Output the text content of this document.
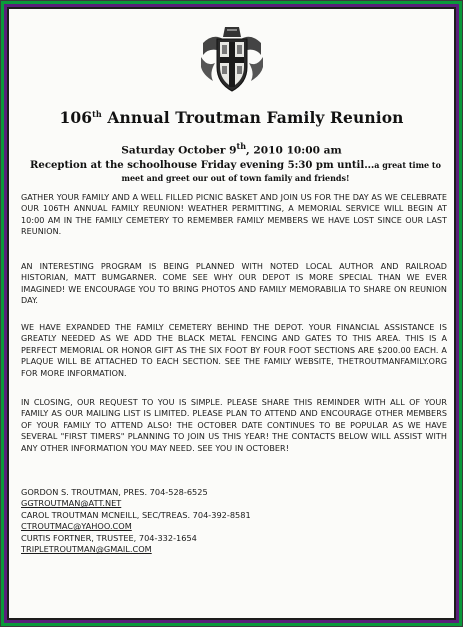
106th Annual Troutman Family Reunion
Saturday October 9th, 2010 10:00 am
Reception at the schoolhouse Friday evening 5:30 pm until…a great time to meet and greet our out of town family and friends!
GATHER YOUR FAMILY AND A WELL FILLED PICNIC BASKET AND JOIN US FOR THE DAY AS WE CELEBRATE OUR 106TH ANNUAL FAMILY REUNION! WEATHER PERMITTING, A MEMORIAL SERVICE WILL BEGIN AT 10:00 AM IN THE FAMILY CEMETERY TO REMEMBER FAMILY MEMBERS WE HAVE LOST SINCE OUR LAST REUNION.
AN INTERESTING PROGRAM IS BEING PLANNED WITH NOTED LOCAL AUTHOR AND RAILROAD HISTORIAN, MATT BUMGARNER. COME SEE WHY OUR DEPOT IS MORE SPECIAL THAN WE EVER IMAGINED! WE ENCOURAGE YOU TO BRING PHOTOS AND FAMILY MEMORABILIA TO SHARE ON REUNION DAY.
WE HAVE EXPANDED THE FAMILY CEMETERY BEHIND THE DEPOT. YOUR FINANCIAL ASSISTANCE IS GREATLY NEEDED AS WE ADD THE BLACK METAL FENCING AND GATES TO THIS AREA. THIS IS A PERFECT MEMORIAL OR HONOR GIFT AS THE SIX FOOT BY FOUR FOOT SECTIONS ARE $200.00 EACH. A PLAQUE WILL BE ATTACHED TO EACH SECTION. SEE THE FAMILY WEBSITE, THETROUTMANFAMILY.ORG FOR MORE INFORMATION.
IN CLOSING, OUR REQUEST TO YOU IS SIMPLE. PLEASE SHARE THIS REMINDER WITH ALL OF YOUR FAMILY AS OUR MAILING LIST IS LIMITED. PLEASE PLAN TO ATTEND AND ENCOURAGE OTHER MEMBERS OF YOUR FAMILY TO ATTEND ALSO! THE OCTOBER DATE CONTINUES TO BE POPULAR AS WE HAVE SEVERAL "FIRST TIMERS" PLANNING TO JOIN US THIS YEAR! THE CONTACTS BELOW WILL ASSIST WITH ANY OTHER INFORMATION YOU MAY NEED. SEE YOU IN OCTOBER!
GORDON S. TROUTMAN, PRES. 704-528-6525
GGTROUTMAN@ATT.NET
CAROL TROUTMAN MCNEILL, SEC/TREAS. 704-392-8581
CTROUTMAC@YAHOO.COM
CURTIS FORTNER, TRUSTEE, 704-332-1654
TRIPLETROUTMAN@GMAIL.COM
